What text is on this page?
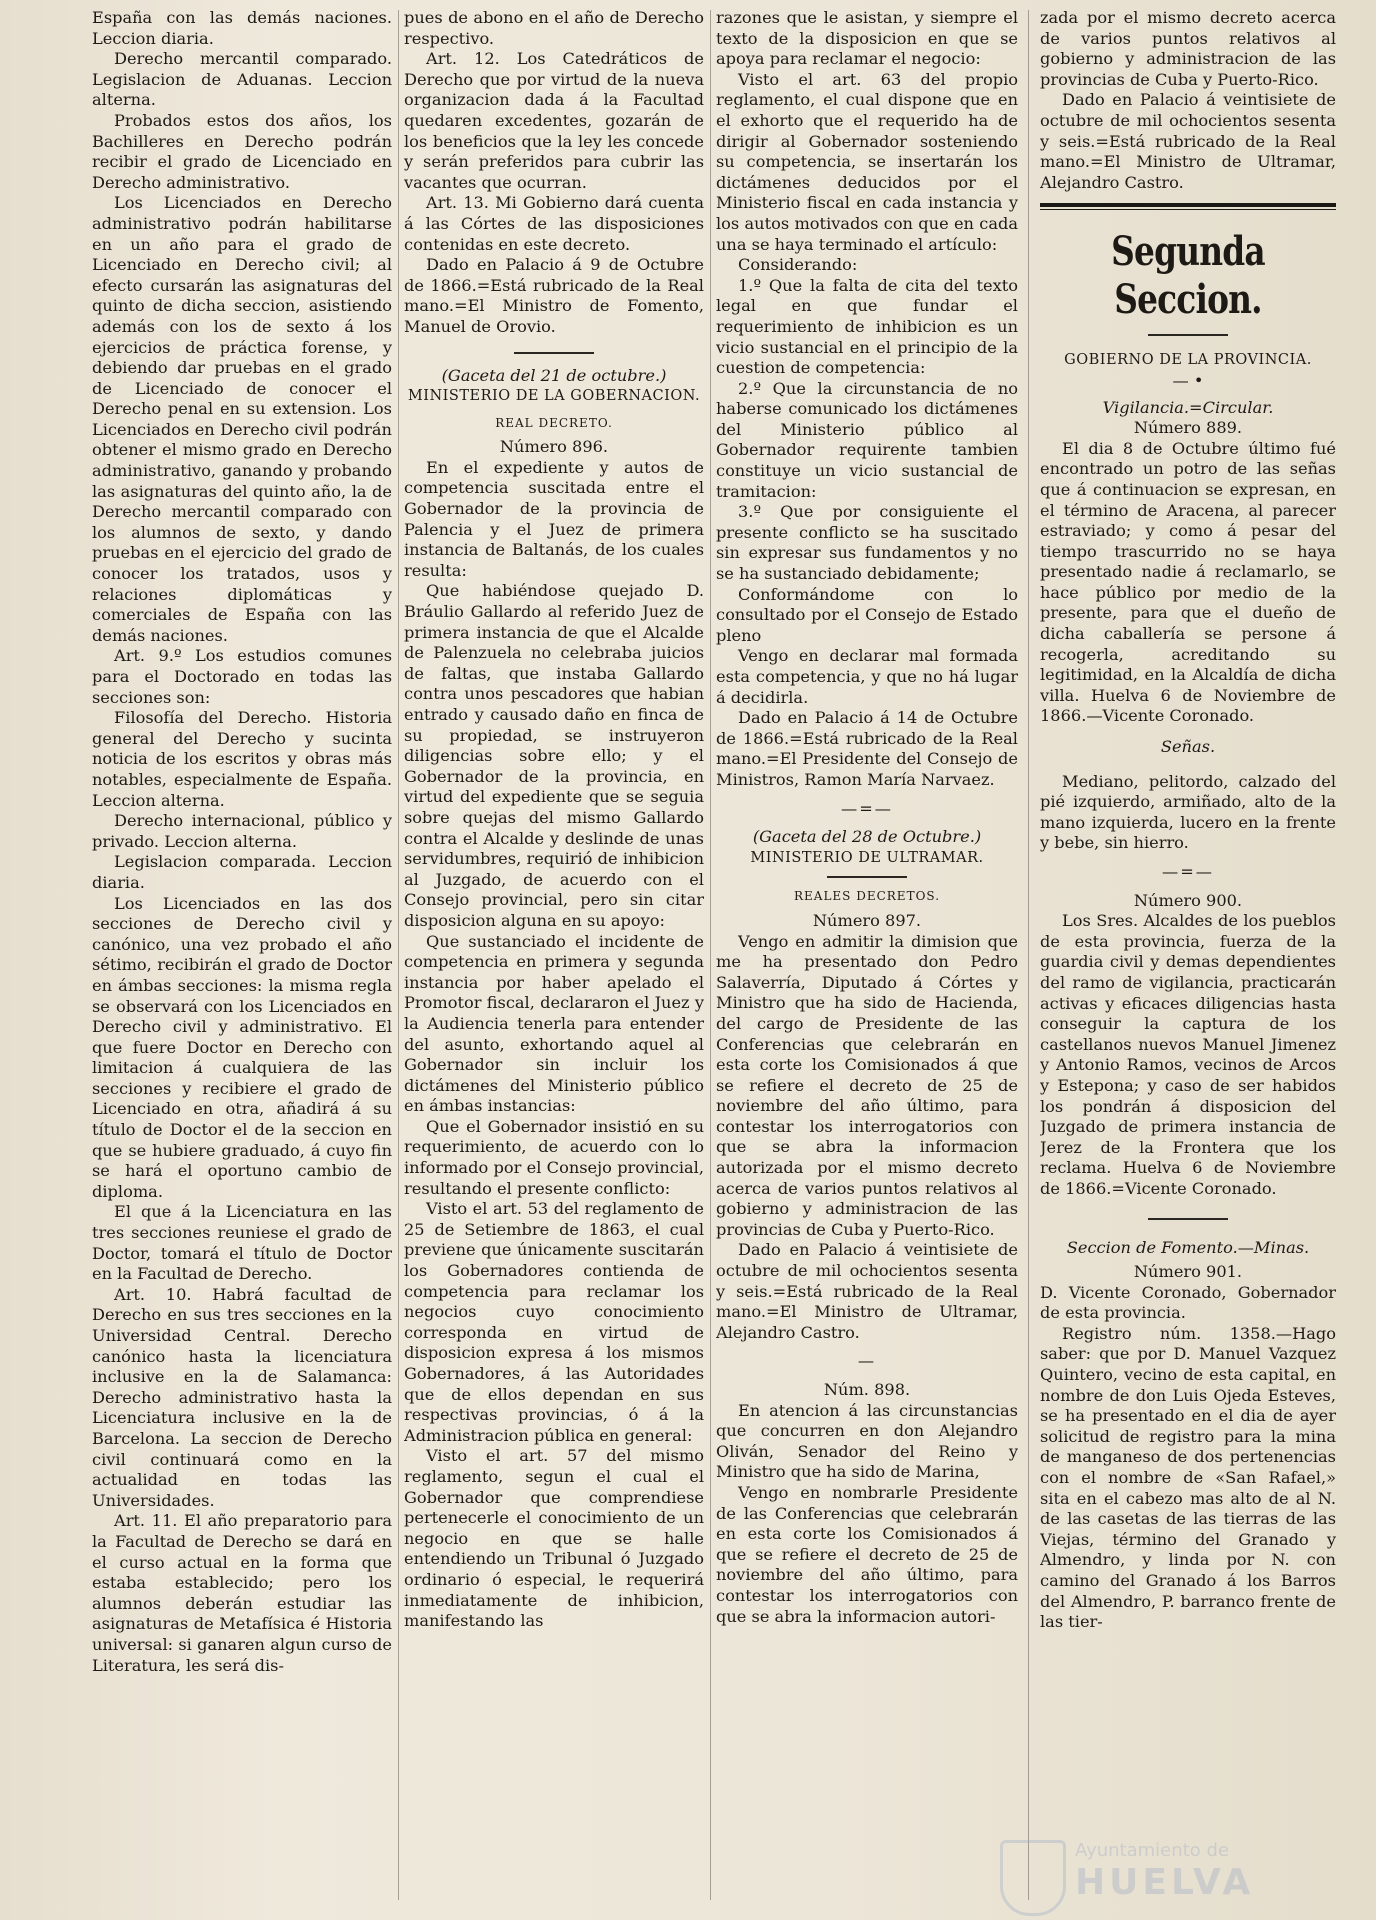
España con las demás naciones. Leccion diaria.

Derecho mercantil comparado. Legislacion de Aduanas. Leccion alterna.

Probados estos dos años, los Bachilleres en Derecho podrán recibir el grado de Licenciado en Derecho administrativo.

Los Licenciados en Derecho administrativo podrán habilitarse en un año para el grado de Licenciado en Derecho civil; al efecto cursarán las asignaturas del quinto de dicha seccion, asistiendo además con los de sexto á los ejercicios de práctica forense, y debiendo dar pruebas en el grado de Licenciado de conocer el Derecho penal en su extension. Los Licenciados en Derecho civil podrán obtener el mismo grado en Derecho administrativo, ganando y probando las asignaturas del quinto año, la de Derecho mercantil comparado con los alumnos de sexto, y dando pruebas en el ejercicio del grado de conocer los tratados, usos y relaciones diplomáticas y comerciales de España con las demás naciones.

Art. 9.º Los estudios comunes para el Doctorado en todas las secciones son:

Filosofía del Derecho. Historia general del Derecho y sucinta noticia de los escritos y obras más notables, especialmente de España. Leccion alterna.

Derecho internacional, público y privado. Leccion alterna.

Legislacion comparada. Leccion diaria.

Los Licenciados en las dos secciones de Derecho civil y canónico, una vez probado el año sétimo, recibirán el grado de Doctor en ámbas secciones: la misma regla se observará con los Licenciados en Derecho civil y administrativo. El que fuere Doctor en Derecho con limitacion á cualquiera de las secciones y recibiere el grado de Licenciado en otra, añadirá á su título de Doctor el de la seccion en que se hubiere graduado, á cuyo fin se hará el oportuno cambio de diploma.

El que á la Licenciatura en las tres secciones reuniese el grado de Doctor, tomará el título de Doctor en la Facultad de Derecho.

Art. 10. Habrá facultad de Derecho en sus tres secciones en la Universidad Central. Derecho canónico hasta la licenciatura inclusive en la de Salamanca: Derecho administrativo hasta la Licenciatura inclusive en la de Barcelona. La seccion de Derecho civil continuará como en la actualidad en todas las Universidades.

Art. 11. El año preparatorio para la Facultad de Derecho se dará en el curso actual en la forma que estaba establecido; pero los alumnos deberán estudiar las asignaturas de Metafísica é Historia universal: si ganaren algun curso de Literatura, les será dis-

pues de abono en el año de Derecho respectivo.

Art. 12. Los Catedráticos de Derecho que por virtud de la nueva organizacion dada á la Facultad quedaren excedentes, gozarán de los beneficios que la ley les concede y serán preferidos para cubrir las vacantes que ocurran.

Art. 13. Mi Gobierno dará cuenta á las Córtes de las disposiciones contenidas en este decreto.

Dado en Palacio á 9 de Octubre de 1866.=Está rubricado de la Real mano.=El Ministro de Fomento, Manuel de Orovio.

(Gaceta del 21 de octubre.)

MINISTERIO DE LA GOBERNACION.

REAL DECRETO.

Número 896.

En el expediente y autos de competencia suscitada entre el Gobernador de la provincia de Palencia y el Juez de primera instancia de Baltanás, de los cuales resulta:

Que habiéndose quejado D. Bráulio Gallardo al referido Juez de primera instancia de que el Alcalde de Palenzuela no celebraba juicios de faltas, que instaba Gallardo contra unos pescadores que habian entrado y causado daño en finca de su propiedad, se instruyeron diligencias sobre ello; y el Gobernador de la provincia, en virtud del expediente que se seguia sobre quejas del mismo Gallardo contra el Alcalde y deslinde de unas servidumbres, requirió de inhibicion al Juzgado, de acuerdo con el Consejo provincial, pero sin citar disposicion alguna en su apoyo:

Que sustanciado el incidente de competencia en primera y segunda instancia por haber apelado el Promotor fiscal, declararon el Juez y la Audiencia tenerla para entender del asunto, exhortando aquel al Gobernador sin incluir los dictámenes del Ministerio público en ámbas instancias:

Que el Gobernador insistió en su requerimiento, de acuerdo con lo informado por el Consejo provincial, resultando el presente conflicto:

Visto el art. 53 del reglamento de 25 de Setiembre de 1863, el cual previene que únicamente suscitarán los Gobernadores contienda de competencia para reclamar los negocios cuyo conocimiento corresponda en virtud de disposicion expresa á los mismos Gobernadores, á las Autoridades que de ellos dependan en sus respectivas provincias, ó á la Administracion pública en general:

Visto el art. 57 del mismo reglamento, segun el cual el Gobernador que comprendiese pertenecerle el conocimiento de un negocio en que se halle entendiendo un Tribunal ó Juzgado ordinario ó especial, le requerirá inmediatamente de inhibicion, manifestando las

razones que le asistan, y siempre el texto de la disposicion en que se apoya para reclamar el negocio:

Visto el art. 63 del propio reglamento, el cual dispone que en el exhorto que el requerido ha de dirigir al Gobernador sosteniendo su competencia, se insertarán los dictámenes deducidos por el Ministerio fiscal en cada instancia y los autos motivados con que en cada una se haya terminado el artículo:

Considerando:

1.º Que la falta de cita del texto legal en que fundar el requerimiento de inhibicion es un vicio sustancial en el principio de la cuestion de competencia:

2.º Que la circunstancia de no haberse comunicado los dictámenes del Ministerio público al Gobernador requirente tambien constituye un vicio sustancial de tramitacion:

3.º Que por consiguiente el presente conflicto se ha suscitado sin expresar sus fundamentos y no se ha sustanciado debidamente;

Conformándome con lo consultado por el Consejo de Estado pleno

Vengo en declarar mal formada esta competencia, y que no há lugar á decidirla.

Dado en Palacio á 14 de Octubre de 1866.=Está rubricado de la Real mano.=El Presidente del Consejo de Ministros, Ramon María Narvaez.

—=—

(Gaceta del 28 de Octubre.)

MINISTERIO DE ULTRAMAR.

REALES DECRETOS.

Número 897.

Vengo en admitir la dimision que me ha presentado don Pedro Salaverría, Diputado á Córtes y Ministro que ha sido de Hacienda, del cargo de Presidente de las Conferencias que celebrarán en esta corte los Comisionados á que se refiere el decreto de 25 de noviembre del año último, para contestar los interrogatorios con que se abra la informacion autorizada por el mismo decreto acerca de varios puntos relativos al gobierno y administracion de las provincias de Cuba y Puerto-Rico.

Dado en Palacio á veintisiete de octubre de mil ochocientos sesenta y seis.=Está rubricado de la Real mano.=El Ministro de Ultramar, Alejandro Castro.

—

Núm. 898.

En atencion á las circunstancias que concurren en don Alejandro Oliván, Senador del Reino y Ministro que ha sido de Marina,

Vengo en nombrarle Presidente de las Conferencias que celebrarán en esta corte los Comisionados á que se refiere el decreto de 25 de noviembre del año último, para contestar los interrogatorios con que se abra la informacion autori-

zada por el mismo decreto acerca de varios puntos relativos al gobierno y administracion de las provincias de Cuba y Puerto-Rico.

Dado en Palacio á veintisiete de octubre de mil ochocientos sesenta y seis.=Está rubricado de la Real mano.=El Ministro de Ultramar, Alejandro Castro.

Segunda Seccion.

GOBIERNO DE LA PROVINCIA.

— •

Vigilancia.=Circular.

Número 889.

El dia 8 de Octubre último fué encontrado un potro de las señas que á continuacion se expresan, en el término de Aracena, al parecer estraviado; y como á pesar del tiempo trascurrido no se haya presentado nadie á reclamarlo, se hace público por medio de la presente, para que el dueño de dicha caballería se persone á recogerla, acreditando su legitimidad, en la Alcaldía de dicha villa. Huelva 6 de Noviembre de 1866.—Vicente Coronado.

Señas.

Mediano, pelitordo, calzado del pié izquierdo, armiñado, alto de la mano izquierda, lucero en la frente y bebe, sin hierro.

—=—

Número 900.

Los Sres. Alcaldes de los pueblos de esta provincia, fuerza de la guardia civil y demas dependientes del ramo de vigilancia, practicarán activas y eficaces diligencias hasta conseguir la captura de los castellanos nuevos Manuel Jimenez y Antonio Ramos, vecinos de Arcos y Estepona; y caso de ser habidos los pondrán á disposicion del Juzgado de primera instancia de Jerez de la Frontera que los reclama. Huelva 6 de Noviembre de 1866.=Vicente Coronado.

Seccion de Fomento.—Minas.

Número 901.

D. Vicente Coronado, Gobernador de esta provincia.

Registro núm. 1358.—Hago saber: que por D. Manuel Vazquez Quintero, vecino de esta capital, en nombre de don Luis Ojeda Esteves, se ha presentado en el dia de ayer solicitud de registro para la mina de manganeso de dos pertenencias con el nombre de «San Rafael,» sita en el cabezo mas alto de al N. de las casetas de las tierras de las Viejas, término del Granado y Almendro, y linda por N. con camino del Granado á los Barros del Almendro, P. barranco frente de las tier-

Ayuntamiento de
HUELVA
